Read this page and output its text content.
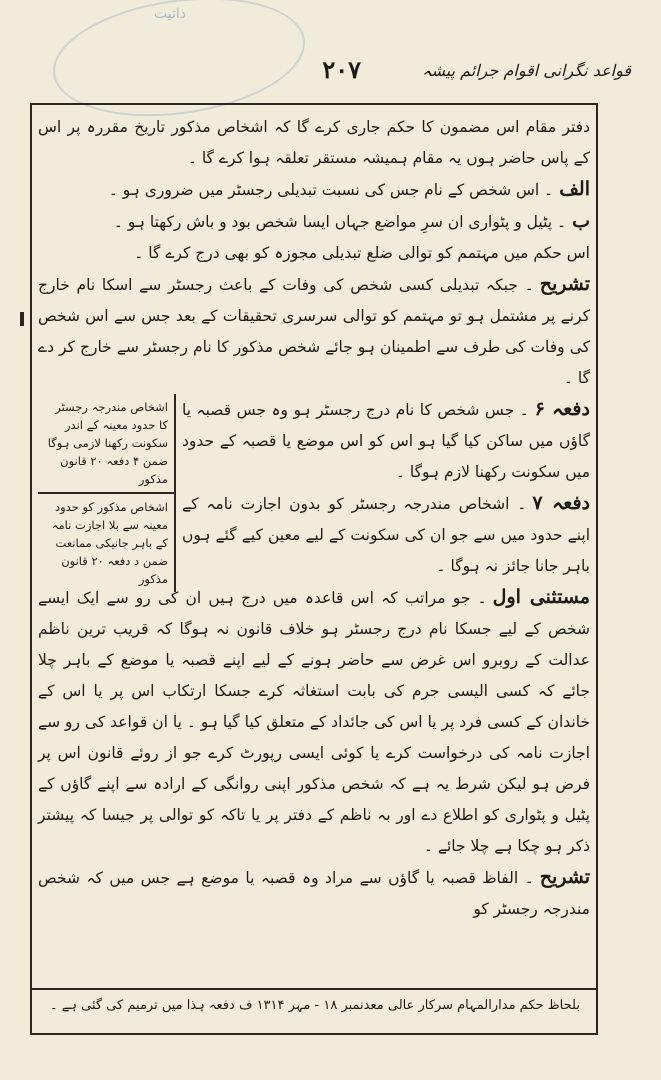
ذاتیت
قواعد نگرانی اقوام جرائم پیشہ
۲۰۷

دفتر مقام اس مضمون کا حکم جاری کرے گا کہ اشخاص مذکور تاریخ مقررہ پر اس کے پاس حاضر ہوں یہ مقام ہمیشہ مستقر تعلقہ ہوا کرے گا ۔

الف۔ اس شخص کے نام جس کی نسبت تبدیلی رجسٹر میں ضروری ہو ۔

ب۔ پٹیل و پٹواری ان سرِ مواضع جہاں ایسا شخص بود و باش رکھتا ہو ۔

اس حکم میں مہتمم کو توالی ضلع تبدیلی مجوزہ کو بھی درج کرے گا ۔

تشریح۔ جبکہ تبدیلی کسی شخص کی وفات کے باعث رجسٹر سے اسکا نام خارج کرنے پر مشتمل ہو تو مہتمم کو توالی سرسری تحقیقات کے بعد جس سے اس شخص کی وفات کی طرف سے اطمینان ہو جائے شخص مذکور کا نام رجسٹر سے خارج کر دے گا ۔

اشخاص مندرجہ رجسٹر کا حدود معینہ کے اندر سکونت رکھنا لازمی ہوگا ضمن ۴ دفعہ ۲۰ قانون مذکور
اشخاص مذکور کو حدود معینہ سے بلا اجازت نامہ کے باہر جانیکی ممانعت ضمن د دفعہ ۲۰ قانون مذکور

دفعہ ۶۔ جس شخص کا نام درج رجسٹر ہو وہ جس قصبہ یا گاؤں میں ساکن کیا گیا ہو اس کو اس موضع یا قصبہ کے حدود میں سکونت رکھنا لازم ہوگا ۔

دفعہ ۷۔ اشخاص مندرجہ رجسٹر کو بدون اجازت نامہ کے اپنے حدود میں سے جو ان کی سکونت کے لیے معین کیے گئے ہوں باہر جانا جائز نہ ہوگا ۔

مستثنی اول۔ جو مراتب کہ اس قاعدہ میں درج ہیں ان کی رو سے ایک ایسے شخص کے لیے جسکا نام درج رجسٹر ہو خلاف قانون نہ ہوگا کہ قریب ترین ناظم عدالت کے روبرو اس غرض سے حاضر ہونے کے لیے اپنے قصبہ یا موضع کے باہر چلا جائے کہ کسی الیسی جرم کی بابت استغاثہ کرے جسکا ارتکاب اس پر یا اس کے خاندان کے کسی فرد پر یا اس کی جائداد کے متعلق کیا گیا ہو ۔ یا ان قواعد کی رو سے اجازت نامہ کی درخواست کرے یا کوئی ایسی رپورٹ کرے جو از روئے قانون اس پر فرض ہو لیکن شرط یہ ہے کہ شخص مذکور اپنی روانگی کے ارادہ سے اپنے گاؤں کے پٹیل و پٹواری کو اطلاع دے اور بہ ناظم کے دفتر پر یا تاکہ کو توالی پر جیسا کہ پیشتر ذکر ہو چکا ہے چلا جائے ۔

تشریح۔ الفاظ قصبہ یا گاؤں سے مراد وہ قصبہ یا موضع ہے جس میں کہ شخص مندرجہ رجسٹر کو

بلحاظ حکم مدارالمہام سرکار عالی معدنمبر ۱۸ - مہر ۱۳۱۴ ف دفعہ ہذا میں ترمیم کی گئی ہے ۔
